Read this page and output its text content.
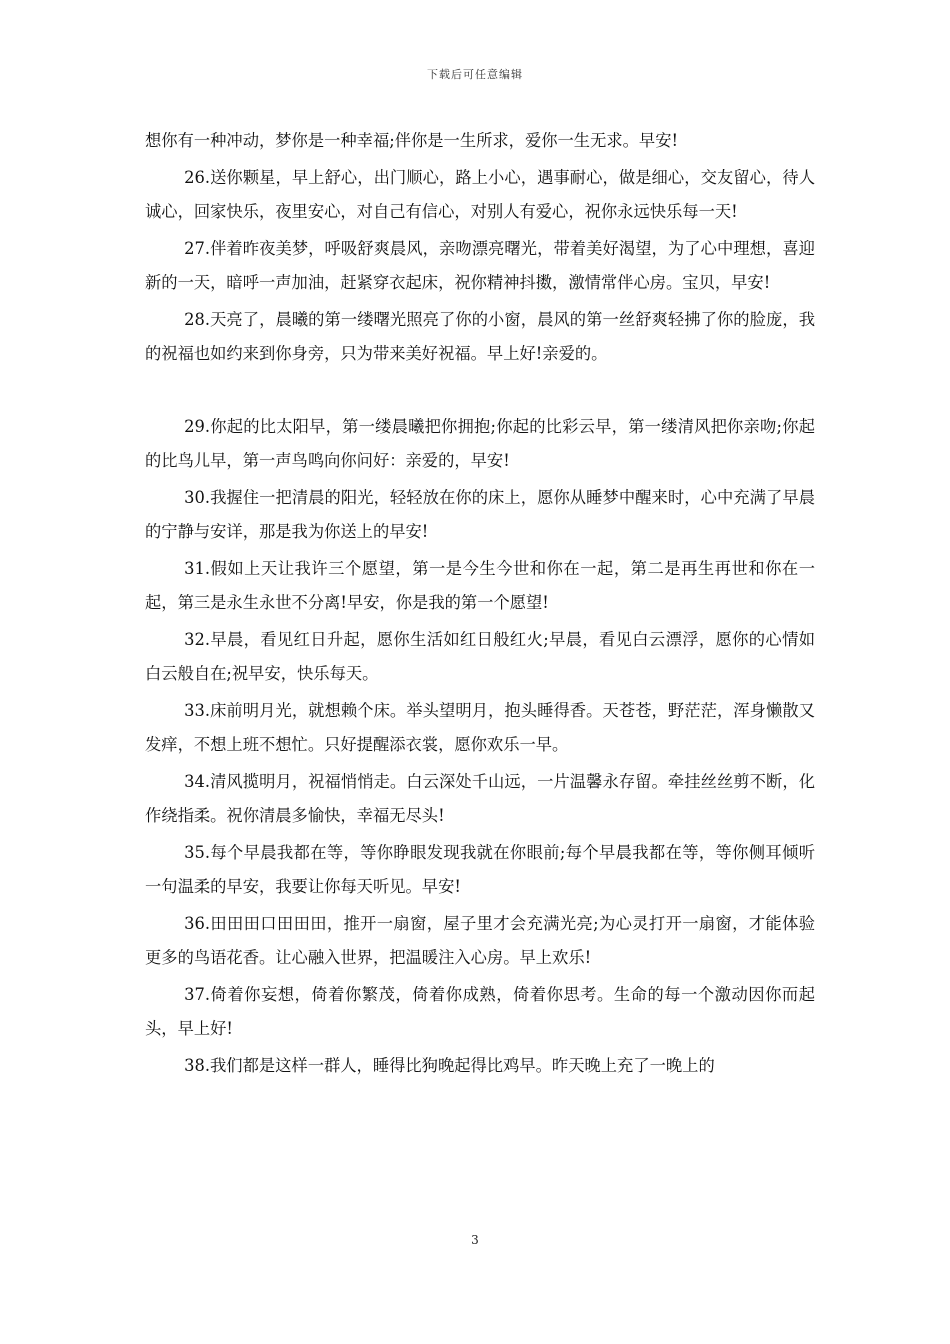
下载后可任意编辑

想你有一种冲动，梦你是一种幸福;伴你是一生所求，爱你一生无求。早安!

26.送你颗星，早上舒心，出门顺心，路上小心，遇事耐心，做是细心，交友留心，待人诚心，回家快乐，夜里安心，对自己有信心，对别人有爱心，祝你永远快乐每一天!

27.伴着昨夜美梦，呼吸舒爽晨风，亲吻漂亮曙光，带着美好渴望，为了心中理想，喜迎新的一天，暗呼一声加油，赶紧穿衣起床，祝你精神抖擞，激情常伴心房。宝贝，早安!

28.天亮了，晨曦的第一缕曙光照亮了你的小窗，晨风的第一丝舒爽轻拂了你的脸庞，我的祝福也如约来到你身旁，只为带来美好祝福。早上好!亲爱的。

29.你起的比太阳早，第一缕晨曦把你拥抱;你起的比彩云早，第一缕清风把你亲吻;你起的比鸟儿早，第一声鸟鸣向你问好：亲爱的，早安!

30.我握住一把清晨的阳光，轻轻放在你的床上，愿你从睡梦中醒来时，心中充满了早晨的宁静与安详，那是我为你送上的早安!

31.假如上天让我许三个愿望，第一是今生今世和你在一起，第二是再生再世和你在一起，第三是永生永世不分离!早安，你是我的第一个愿望!

32.早晨，看见红日升起，愿你生活如红日般红火;早晨，看见白云漂浮，愿你的心情如白云般自在;祝早安，快乐每天。

33.床前明月光，就想赖个床。举头望明月，抱头睡得香。天苍苍，野茫茫，浑身懒散又发痒，不想上班不想忙。只好提醒添衣裳，愿你欢乐一早。

34.清风揽明月，祝福悄悄走。白云深处千山远，一片温馨永存留。牵挂丝丝剪不断，化作绕指柔。祝你清晨多愉快，幸福无尽头!

35.每个早晨我都在等，等你睁眼发现我就在你眼前;每个早晨我都在等，等你侧耳倾听一句温柔的早安，我要让你每天听见。早安!

36.田田田口田田田，推开一扇窗，屋子里才会充满光亮;为心灵打开一扇窗，才能体验更多的鸟语花香。让心融入世界，把温暖注入心房。早上欢乐!

37.倚着你妄想，倚着你繁茂，倚着你成熟，倚着你思考。生命的每一个激动因你而起头，早上好!

38.我们都是这样一群人，睡得比狗晚起得比鸡早。昨天晚上充了一晚上的

3
